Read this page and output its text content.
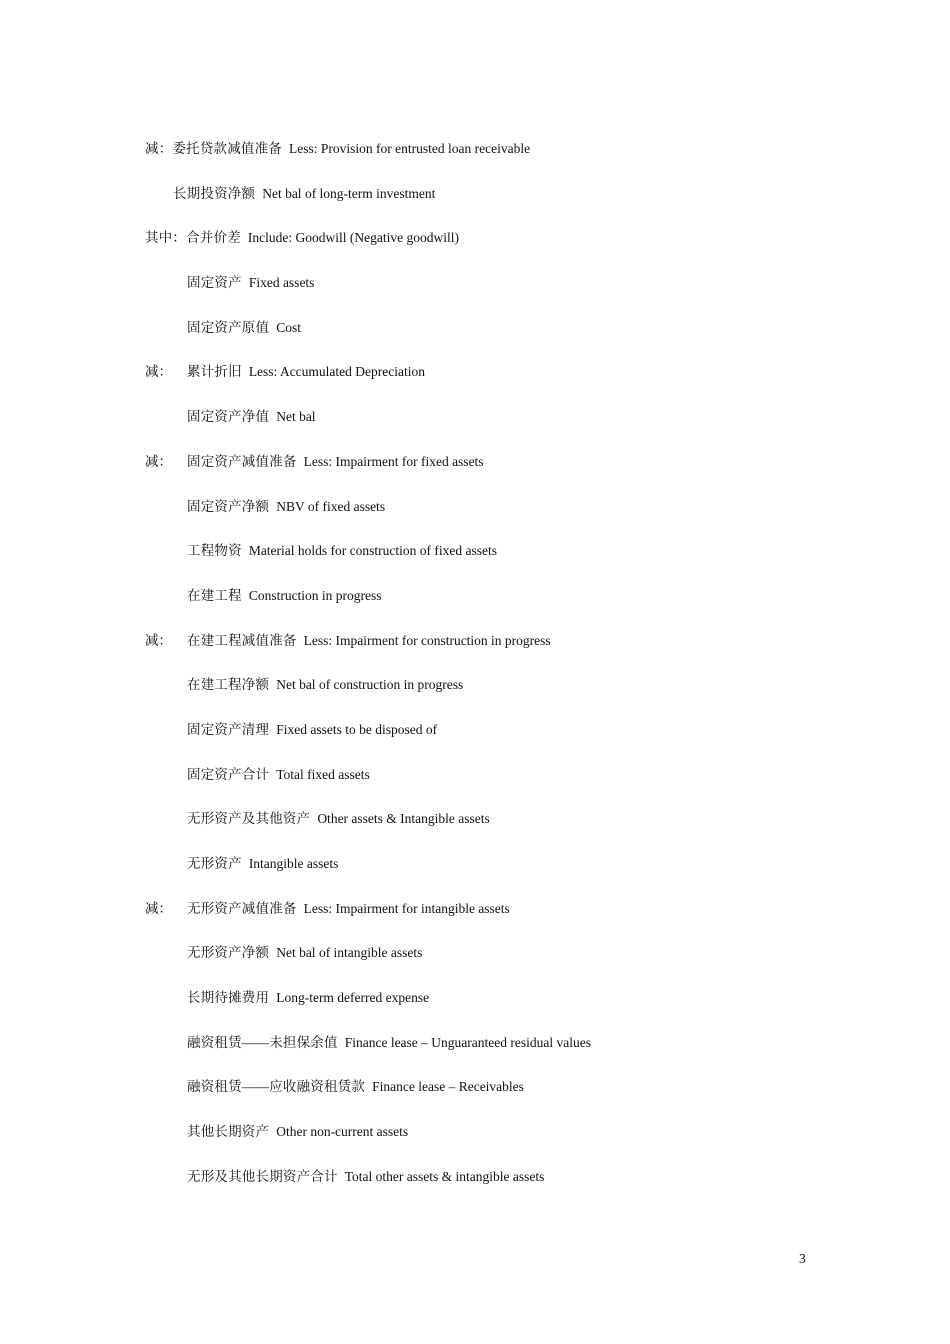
减：委托贷款减值准备 Less: Provision for entrusted loan receivable
长期投资净额 Net bal of long-term investment
其中：合并价差 Include: Goodwill (Negative goodwill)
固定资产 Fixed assets
固定资产原值 Cost
减： 累计折旧 Less: Accumulated Depreciation
固定资产净值 Net bal
减： 固定资产减值准备 Less: Impairment for fixed assets
固定资产净额 NBV of fixed assets
工程物资 Material holds for construction of fixed assets
在建工程 Construction in progress
减： 在建工程减值准备 Less: Impairment for construction in progress
在建工程净额 Net bal of construction in progress
固定资产清理 Fixed assets to be disposed of
固定资产合计 Total fixed assets
无形资产及其他资产 Other assets & Intangible assets
无形资产 Intangible assets
减： 无形资产减值准备 Less: Impairment for intangible assets
无形资产净额 Net bal of intangible assets
长期待摊费用 Long-term deferred expense
融资租赁——未担保余值 Finance lease – Unguaranteed residual values
融资租赁——应收融资租赁款 Finance lease – Receivables
其他长期资产 Other non-current assets
无形及其他长期资产合计 Total other assets & intangible assets
3
